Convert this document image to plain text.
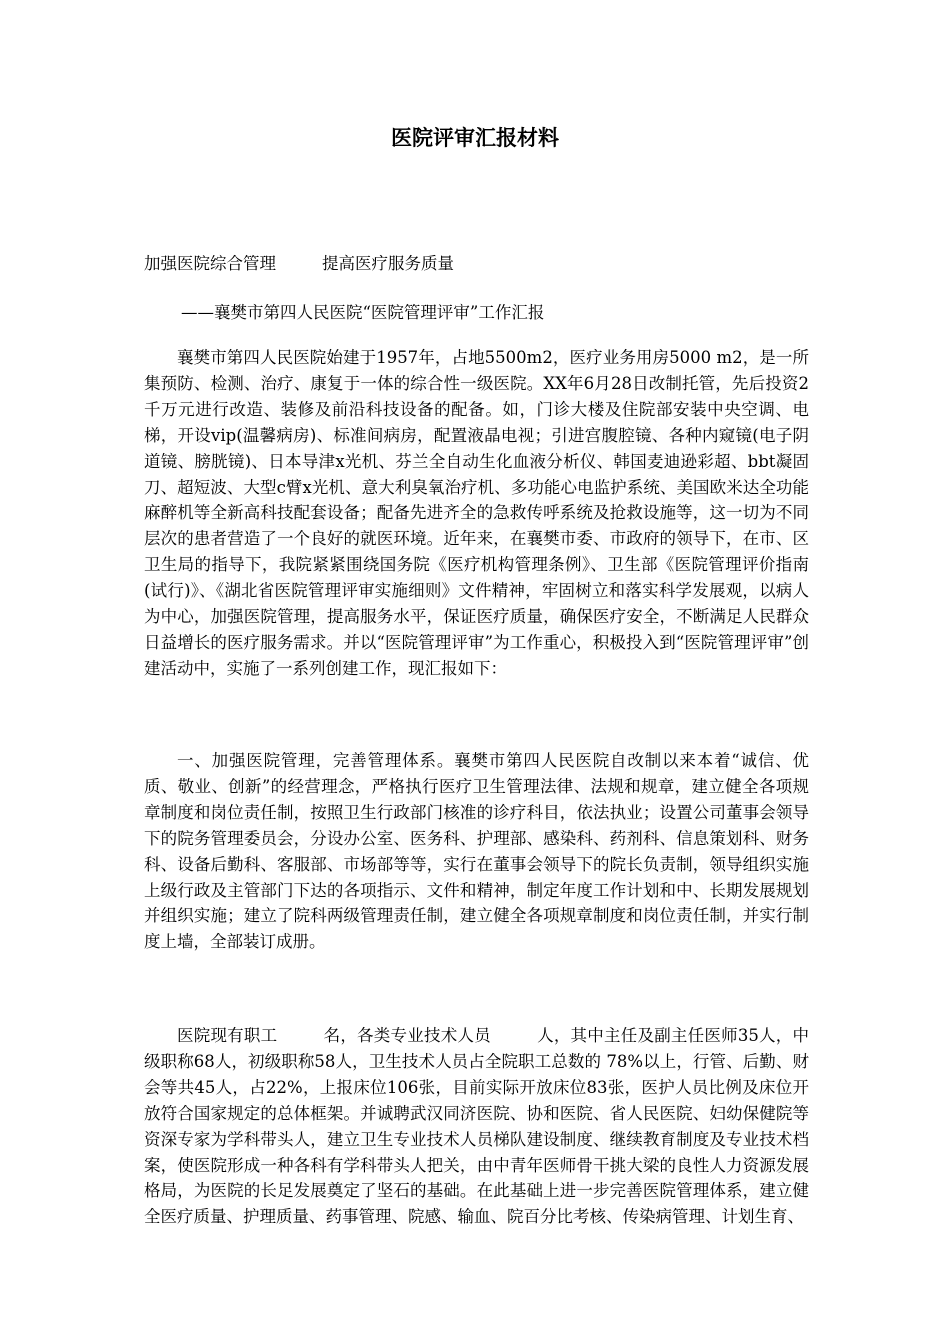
医院评审汇报材料

加强医院综合管理	提高医疗服务质量

——襄樊市第四人民医院“医院管理评审”工作汇报

襄樊市第四人民医院始建于1957年，占地5500m2，医疗业务用房5000 m2，是一所集预防、检测、治疗、康复于一体的综合性一级医院。XX年6月28日改制托管，先后投资2千万元进行改造、装修及前沿科技设备的配备。如，门诊大楼及住院部安装中央空调、电梯，开设vip(温馨病房)、标准间病房，配置液晶电视；引进宫腹腔镜、各种内窥镜(电子阴道镜、膀胱镜)、日本导津x光机、芬兰全自动生化血液分析仪、韩国麦迪逊彩超、bbt凝固刀、超短波、大型c臂x光机、意大利臭氧治疗机、多功能心电监护系统、美国欧米达全功能麻醉机等全新高科技配套设备；配备先进齐全的急救传呼系统及抢救设施等，这一切为不同层次的患者营造了一个良好的就医环境。近年来，在襄樊市委、市政府的领导下，在市、区卫生局的指导下，我院紧紧围绕国务院《医疗机构管理条例》、卫生部《医院管理评价指南(试行)》、《湖北省医院管理评审实施细则》文件精神，牢固树立和落实科学发展观，以病人为中心，加强医院管理，提高服务水平，保证医疗质量，确保医疗安全，不断满足人民群众日益增长的医疗服务需求。并以“医院管理评审”为工作重心，积极投入到“医院管理评审”创建活动中，实施了一系列创建工作，现汇报如下：

一、加强医院管理，完善管理体系。襄樊市第四人民医院自改制以来本着“诚信、优质、敬业、创新”的经营理念，严格执行医疗卫生管理法律、法规和规章，建立健全各项规章制度和岗位责任制，按照卫生行政部门核准的诊疗科目，依法执业；设置公司董事会领导下的院务管理委员会，分设办公室、医务科、护理部、感染科、药剂科、信息策划科、财务科、设备后勤科、客服部、市场部等等，实行在董事会领导下的院长负责制，领导组织实施上级行政及主管部门下达的各项指示、文件和精神，制定年度工作计划和中、长期发展规划并组织实施；建立了院科两级管理责任制，建立健全各项规章制度和岗位责任制，并实行制度上墙，全部装订成册。

医院现有职工	名，各类专业技术人员	人，其中主任及副主任医师35人，中级职称68人，初级职称58人，卫生技术人员占全院职工总数的 78%以上，行管、后勤、财会等共45人，占22%，上报床位106张，目前实际开放床位83张，医护人员比例及床位开放符合国家规定的总体框架。并诚聘武汉同济医院、协和医院、省人民医院、妇幼保健院等资深专家为学科带头人，建立卫生专业技术人员梯队建设制度、继续教育制度及专业技术档案，使医院形成一种各科有学科带头人把关，由中青年医师骨干挑大梁的良性人力资源发展格局，为医院的长足发展奠定了坚石的基础。在此基础上进一步完善医院管理体系，建立健全医疗质量、护理质量、药事管理、院感、输血、院百分比考核、传染病管理、计划生育、
